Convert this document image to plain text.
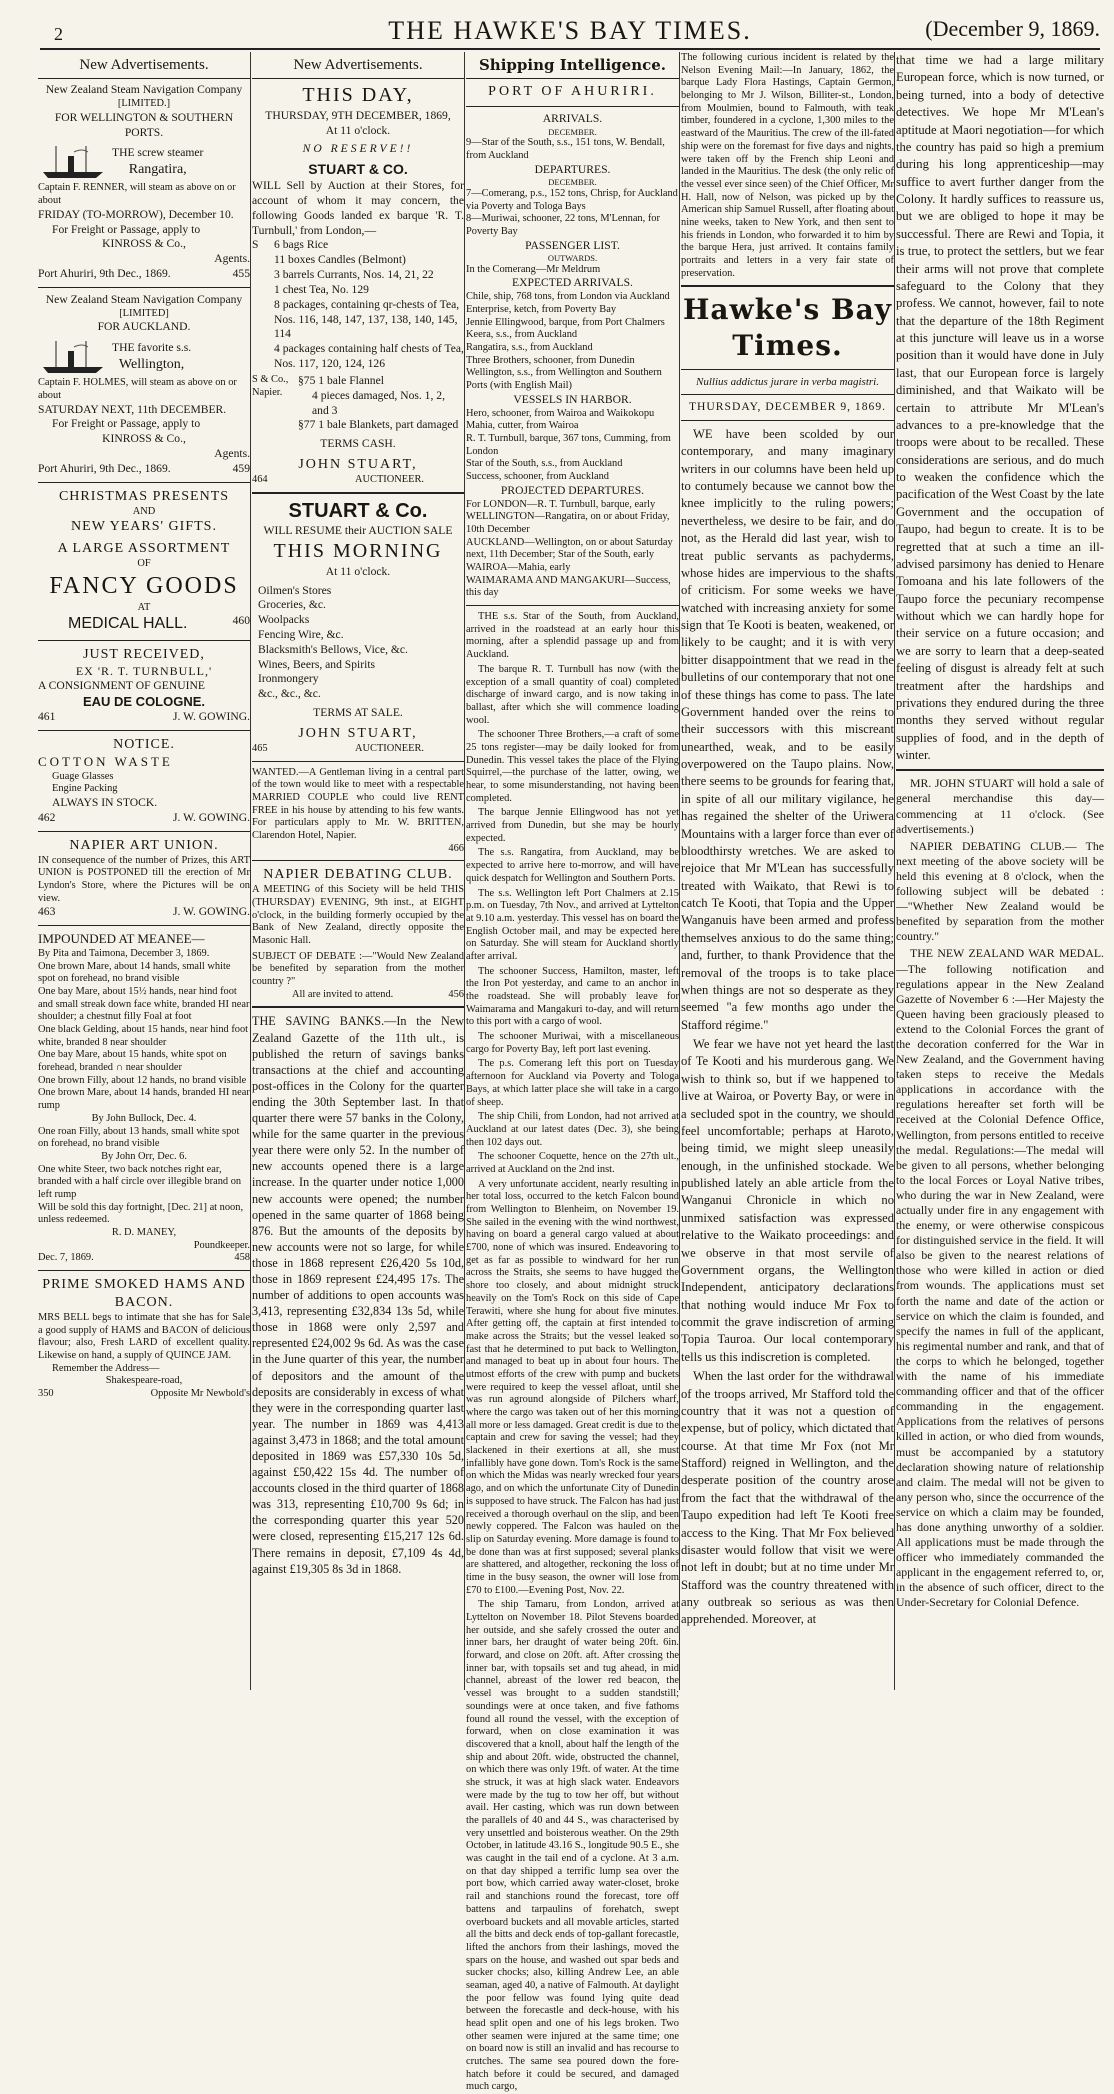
2	THE HAWKE'S BAY TIMES.	(December 9, 1869.
New Advertisements.
New Zealand Steam Navigation Company
[LIMITED.]
FOR WELLINGTON & SOUTHERN PORTS.
THE screw steamer
Rangatira,
Captain F. RENNER, will steam as above on or about
FRIDAY (TO-MORROW), December 10.
For Freight or Passage, apply to
KINROSS & Co.,
Agents.
Port Ahuriri, 9th Dec., 1869.	455
New Zealand Steam Navigation Company
[LIMITED]
FOR AUCKLAND.
THE favorite s.s.
Wellington,
Captain F. HOLMES, will steam as above on or about
SATURDAY NEXT, 11th DECEMBER.
For Freight or Passage, apply to
KINROSS & Co.,
Agents.
Port Ahuriri, 9th Dec., 1869.	459
CHRISTMAS PRESENTS
AND
NEW YEARS' GIFTS.
A LARGE ASSORTMENT
OF
FANCY GOODS
AT
MEDICAL HALL.	460
JUST RECEIVED,
EX 'R. T. TURNBULL,'
A CONSIGNMENT OF GENUINE
EAU DE COLOGNE.
461	J. W. GOWING.
NOTICE.
COTTON WASTE
Guage Glasses
Engine Packing
ALWAYS IN STOCK.
462	J. W. GOWING.
NAPIER ART UNION.
IN consequence of the number of Prizes, this ART UNION is POSTPONED till the erection of Mr Lyndon's Store, where the Pictures will be on view.
463	J. W. GOWING.
IMPOUNDED AT MEANEE—
By Pita and Taimona, December 3, 1869.
One brown Mare, about 14 hands, small white spot on forehead, no brand visible
One bay Mare, about 15½ hands, near hind foot and small streak down face white, branded HI near shoulder; a chestnut filly Foal at foot
One black Gelding, about 15 hands, near hind foot white, branded 8 near shoulder
One bay Mare, about 15 hands, white spot on forehead, branded ∩ near shoulder
One brown Filly, about 12 hands, no brand visible
One brown Mare, about 14 hands, branded HI near rump
By John Bullock, Dec. 4.
One roan Filly, about 13 hands, small white spot on forehead, no brand visible
By John Orr, Dec. 6.
One white Steer, two back notches right ear, branded with a half circle over illegible brand on left rump
Will be sold this day fortnight, [Dec. 21] at noon, unless redeemed.
R. D. MANEY,
Poundkeeper.
Dec. 7, 1869.	458
PRIME SMOKED HAMS AND BACON.
MRS BELL begs to intimate that she has for Sale a good supply of HAMS and BACON of delicious flavour; also, Fresh LARD of excellent quality. Likewise on hand, a supply of QUINCE JAM.
Remember the Address—
Shakespeare-road,
350	Opposite Mr Newbold's
New Advertisements.
THIS DAY,
THURSDAY, 9TH DECEMBER, 1869,
At 11 o'clock.
NO RESERVE!!
STUART & CO.
WILL Sell by Auction at their Stores, for account of whom it may concern, the following Goods landed ex barque 'R. T. Turnbull,' from London,—
S	6 bags Rice
11 boxes Candles (Belmont)
3 barrels Currants, Nos. 14, 21, 22
1 chest Tea, No. 129
8 packages, containing qr-chests of Tea, Nos. 116, 148, 147, 137, 138, 140, 145, 114
4 packages containing half chests of Tea, Nos. 117, 120, 124, 126
S & Co., Napier.
§75 1 bale Flannel
4 pieces damaged, Nos. 1, 2, and 3
§77 1 bale Blankets, part damaged
TERMS CASH.
JOHN STUART,
464	AUCTIONEER.
STUART & Co.
WILL RESUME their AUCTION SALE
THIS MORNING
At 11 o'clock.
Oilmen's Stores
Groceries, &c.
Woolpacks
Fencing Wire, &c.
Blacksmith's Bellows, Vice, &c.
Wines, Beers, and Spirits
Ironmongery
&c., &c., &c.
TERMS AT SALE.
JOHN STUART,
465	AUCTIONEER.
WANTED.—A Gentleman living in a central part of the town would like to meet with a respectable MARRIED COUPLE who could live RENT FREE in his house by attending to his few wants. For particulars apply to Mr. W. BRITTEN, Clarendon Hotel, Napier.
466
NAPIER DEBATING CLUB.
A MEETING of this Society will be held THIS (THURSDAY) EVENING, 9th inst., at EIGHT o'clock, in the building formerly occupied by the Bank of New Zealand, directly opposite the Masonic Hall.
SUBJECT OF DEBATE :—"Would New Zealand be benefited by separation from the mother country ?"
All are invited to attend.	456
THE SAVING BANKS.—In the New Zealand Gazette of the 11th ult., is published the return of savings banks transactions at the chief and accounting post-offices in the Colony for the quarter ending the 30th September last. In that quarter there were 57 banks in the Colony, while for the same quarter in the previous year there were only 52. In the number of new accounts opened there is a large increase. In the quarter under notice 1,000 new accounts were opened; the number opened in the same quarter of 1868 being 876. But the amounts of the deposits by new accounts were not so large, for while those in 1868 represent £26,420 5s 10d, those in 1869 represent £24,495 17s. The number of additions to open accounts was 3,413, representing £32,834 13s 5d, while those in 1868 were only 2,597 and represented £24,002 9s 6d. As was the case in the June quarter of this year, the number of depositors and the amount of the deposits are considerably in excess of what they were in the corresponding quarter last year. The number in 1869 was 4,413 against 3,473 in 1868; and the total amount deposited in 1869 was £57,330 10s 5d, against £50,422 15s 4d. The number of accounts closed in the third quarter of 1868 was 313, representing £10,700 9s 6d; in the corresponding quarter this year 520 were closed, representing £15,217 12s 6d. There remains in deposit, £7,109 4s 4d, against £19,305 8s 3d in 1868.
Shipping Intelligence.
PORT OF AHURIRI.
ARRIVALS.
DECEMBER.
9—Star of the South, s.s., 151 tons, W. Bendall, from Auckland
DEPARTURES.
DECEMBER.
7—Comerang, p.s., 152 tons, Chrisp, for Auckland via Poverty and Tologa Bays
8—Muriwai, schooner, 22 tons, M'Lennan, for Poverty Bay
PASSENGER LIST.
OUTWARDS.
In the Comerang—Mr Meldrum
EXPECTED ARRIVALS.
Chile, ship, 768 tons, from London via Auckland
Enterprise, ketch, from Poverty Bay
Jennie Ellingwood, barque, from Port Chalmers
Keera, s.s., from Auckland
Rangatira, s.s., from Auckland
Three Brothers, schooner, from Dunedin
Wellington, s.s., from Wellington and Southern Ports (with English Mail)
VESSELS IN HARBOR.
Hero, schooner, from Wairoa and Waikokopu
Mahia, cutter, from Wairoa
R. T. Turnbull, barque, 367 tons, Cumming, from London
Star of the South, s.s., from Auckland
Success, schooner, from Auckland
PROJECTED DEPARTURES.
For LONDON—R. T. Turnbull, barque, early
WELLINGTON—Rangatira, on or about Friday, 10th December
AUCKLAND—Wellington, on or about Saturday next, 11th December; Star of the South, early
WAIROA—Mahia, early
WAIMARAMA AND MANGAKURI—Success, this day
THE s.s. Star of the South, from Auckland, arrived in the roadstead at an early hour this morning, after a splendid passage up and from Auckland.
The barque R. T. Turnbull has now (with the exception of a small quantity of coal) completed discharge of inward cargo, and is now taking in ballast, after which she will commence loading wool.
The schooner Three Brothers,—a craft of some 25 tons register—may be daily looked for from Dunedin. This vessel takes the place of the Flying Squirrel,—the purchase of the latter, owing, we hear, to some misunderstanding, not having been completed.
The barque Jennie Ellingwood has not yet arrived from Dunedin, but she may be hourly expected.
The s.s. Rangatira, from Auckland, may be expected to arrive here to-morrow, and will have quick despatch for Wellington and Southern Ports.
The s.s. Wellington left Port Chalmers at 2.15 p.m. on Tuesday, 7th Nov., and arrived at Lyttelton at 9.10 a.m. yesterday. This vessel has on board the English October mail, and may be expected here on Saturday. She will steam for Auckland shortly after arrival.
The schooner Success, Hamilton, master, left the Iron Pot yesterday, and came to an anchor in the roadstead. She will probably leave for Waimarama and Mangakuri to-day, and will return to this port with a cargo of wool.
The schooner Muriwai, with a miscellaneous cargo for Poverty Bay, left port last evening.
The p.s. Comerang left this port on Tuesday afternoon for Auckland via Poverty and Tologa Bays, at which latter place she will take in a cargo of sheep.
The ship Chili, from London, had not arrived at Auckland at our latest dates (Dec. 3), she being then 102 days out.
The schooner Coquette, hence on the 27th ult., arrived at Auckland on the 2nd inst.
A very unfortunate accident, nearly resulting in her total loss, occurred to the ketch Falcon bound from Wellington to Blenheim, on November 19. She sailed in the evening with the wind northwest, having on board a general cargo valued at about £700, none of which was insured. Endeavoring to get as far as possible to windward for her run across the Straits, she seems to have hugged the shore too closely, and about midnight struck heavily on the Tom's Rock on this side of Cape Terawiti, where she hung for about five minutes. After getting off, the captain at first intended to make across the Straits; but the vessel leaked so fast that he determined to put back to Wellington, and managed to beat up in about four hours. The utmost efforts of the crew with pump and buckets were required to keep the vessel afloat, until she was run aground alongside of Pilchers wharf, where the cargo was taken out of her this morning all more or less damaged. Great credit is due to the captain and crew for saving the vessel; had they slackened in their exertions at all, she must infallibly have gone down. Tom's Rock is the same on which the Midas was nearly wrecked four years ago, and on which the unfortunate City of Dunedin is supposed to have struck. The Falcon has had just received a thorough overhaul on the slip, and been newly coppered. The Falcon was hauled on the slip on Saturday evening. More damage is found to be done than was at first supposed; several planks are shattered, and altogether, reckoning the loss of time in the busy season, the owner will lose from £70 to £100.—Evening Post, Nov. 22.
The ship Tamaru, from London, arrived at Lyttelton on November 18. Pilot Stevens boarded her outside, and she safely crossed the outer and inner bars, her draught of water being 20ft. 6in. forward, and close on 20ft. aft. After crossing the inner bar, with topsails set and tug ahead, in mid channel, abreast of the lower red beacon, the vessel was brought to a sudden standstill; soundings were at once taken, and five fathoms found all round the vessel, with the exception of forward, when on close examination it was discovered that a knoll, about half the length of the ship and about 20ft. wide, obstructed the channel, on which there was only 19ft. of water. At the time she struck, it was at high slack water. Endeavors were made by the tug to tow her off, but without avail. Her casting, which was run down between the parallels of 40 and 44 S., was characterised by very unsettled and boisterous weather. On the 29th October, in latitude 43.16 S., longitude 90.5 E., she was caught in the tail end of a cyclone. At 3 a.m. on that day shipped a terrific lump sea over the port bow, which carried away water-closet, broke rail and stanchions round the forecast, tore off battens and tarpaulins of forehatch, swept overboard buckets and all movable articles, started all the bitts and deck ends of top-gallant forecastle, lifted the anchors from their lashings, moved the spars on the house, and washed out spar beds and sucker chocks; also, killing Andrew Lee, an able seaman, aged 40, a native of Falmouth. At daylight the poor fellow was found lying quite dead between the forecastle and deck-house, with his head split open and one of his legs broken. Two other seamen were injured at the same time; one on board now is still an invalid and has recourse to crutches. The same sea poured down the fore-hatch before it could be secured, and damaged much cargo,
The following curious incident is related by the Nelson Evening Mail:—In January, 1862, the barque Lady Flora Hastings, Captain Germon, belonging to Mr J. Wilson, Billiter-st., London, from Moulmien, bound to Falmouth, with teak timber, foundered in a cyclone, 1,300 miles to the eastward of the Mauritius. The crew of the ill-fated ship were on the foremast for five days and nights, were taken off by the French ship Leoni and landed in the Mauritius. The desk (the only relic of the vessel ever since seen) of the Chief Officer, Mr H. Hall, now of Nelson, was picked up by the American ship Samuel Russell, after floating about nine weeks, taken to New York, and then sent to his friends in London, who forwarded it to him by the barque Hera, just arrived. It contains family portraits and letters in a very fair state of preservation.
Hawke's Bay Times.
Nullius addictus jurare in verba magistri.
THURSDAY, DECEMBER 9, 1869.
WE have been scolded by our contemporary, and many imaginary writers in our columns have been held up to contumely because we cannot bow the knee implicitly to the ruling powers; nevertheless, we desire to be fair, and do not, as the Herald did last year, wish to treat public servants as pachyderms, whose hides are impervious to the shafts of criticism. For some weeks we have watched with increasing anxiety for some sign that Te Kooti is beaten, weakened, or likely to be caught; and it is with very bitter disappointment that we read in the bulletins of our contemporary that not one of these things has come to pass. The late Government handed over the reins to their successors with this miscreant unearthed, weak, and to be easily overpowered on the Taupo plains. Now, there seems to be grounds for fearing that, in spite of all our military vigilance, he has regained the shelter of the Uriwera Mountains with a larger force than ever of bloodthirsty wretches. We are asked to rejoice that Mr M'Lean has successfully treated with Waikato, that Rewi is to catch Te Kooti, that Topia and the Upper Wanganuis have been armed and profess themselves anxious to do the same thing; and, further, to thank Providence that the removal of the troops is to take place when things are not so desperate as they seemed "a few months ago under the Stafford régime."
We fear we have not yet heard the last of Te Kooti and his murderous gang. We wish to think so, but if we happened to live at Wairoa, or Poverty Bay, or were in a secluded spot in the country, we should feel uncomfortable; perhaps at Haroto, being timid, we might sleep uneasily enough, in the unfinished stockade. We published lately an able article from the Wanganui Chronicle in which no unmixed satisfaction was expressed relative to the Waikato proceedings: and we observe in that most servile of Government organs, the Wellington Independent, anticipatory declarations that nothing would induce Mr Fox to commit the grave indiscretion of arming Topia Tauroa. Our local contemporary tells us this indiscretion is completed.
When the last order for the withdrawal of the troops arrived, Mr Stafford told the country that it was not a question of expense, but of policy, which dictated that course. At that time Mr Fox (not Mr Stafford) reigned in Wellington, and the desperate position of the country arose from the fact that the withdrawal of the Taupo expedition had left Te Kooti free access to the King. That Mr Fox believed disaster would follow that visit we were not left in doubt; but at no time under Mr Stafford was the country threatened with any outbreak so serious as was then apprehended. Moreover, at
that time we had a large military European force, which is now turned, or being turned, into a body of detective detectives. We hope Mr M'Lean's aptitude at Maori negotiation—for which the country has paid so high a premium during his long apprenticeship—may suffice to avert further danger from the Colony. It hardly suffices to reassure us, but we are obliged to hope it may be successful. There are Rewi and Topia, it is true, to protect the settlers, but we fear their arms will not prove that complete safeguard to the Colony that they profess. We cannot, however, fail to note that the departure of the 18th Regiment at this juncture will leave us in a worse position than it would have done in July last, that our European force is largely diminished, and that Waikato will be certain to attribute Mr M'Lean's advances to a pre-knowledge that the troops were about to be recalled. These considerations are serious, and do much to weaken the confidence which the pacification of the West Coast by the late Government and the occupation of Taupo, had begun to create. It is to be regretted that at such a time an ill-advised parsimony has denied to Henare Tomoana and his late followers of the Taupo force the pecuniary recompense without which we can hardly hope for their service on a future occasion; and we are sorry to learn that a deep-seated feeling of disgust is already felt at such treatment after the hardships and privations they endured during the three months they served without regular supplies of food, and in the depth of winter.
MR. JOHN STUART will hold a sale of general merchandise this day—commencing at 11 o'clock. (See advertisements.)
NAPIER DEBATING CLUB.— The next meeting of the above society will be held this evening at 8 o'clock, when the following subject will be debated :—"Whether New Zealand would be benefited by separation from the mother country."
THE NEW ZEALAND WAR MEDAL. —The following notification and regulations appear in the New Zealand Gazette of November 6 :—Her Majesty the Queen having been graciously pleased to extend to the Colonial Forces the grant of the decoration conferred for the War in New Zealand, and the Government having taken steps to receive the Medals applications in accordance with the regulations hereafter set forth will be received at the Colonial Defence Office, Wellington, from persons entitled to receive the medal. Regulations:—The medal will be given to all persons, whether belonging to the local Forces or Loyal Native tribes, who during the war in New Zealand, were actually under fire in any engagement with the enemy, or were otherwise conspicous for distinguished service in the field. It will also be given to the nearest relations of those who were killed in action or died from wounds. The applications must set forth the name and date of the action or service on which the claim is founded, and specify the names in full of the applicant, his regimental number and rank, and that of the corps to which he belonged, together with the name of his immediate commanding officer and that of the officer commanding in the engagement. Applications from the relatives of persons killed in action, or who died from wounds, must be accompanied by a statutory declaration showing nature of relationship and claim. The medal will not be given to any person who, since the occurrence of the service on which a claim may be founded, has done anything unworthy of a soldier. All applications must be made through the officer who immediately commanded the applicant in the engagement referred to, or, in the absence of such officer, direct to the Under-Secretary for Colonial Defence.
